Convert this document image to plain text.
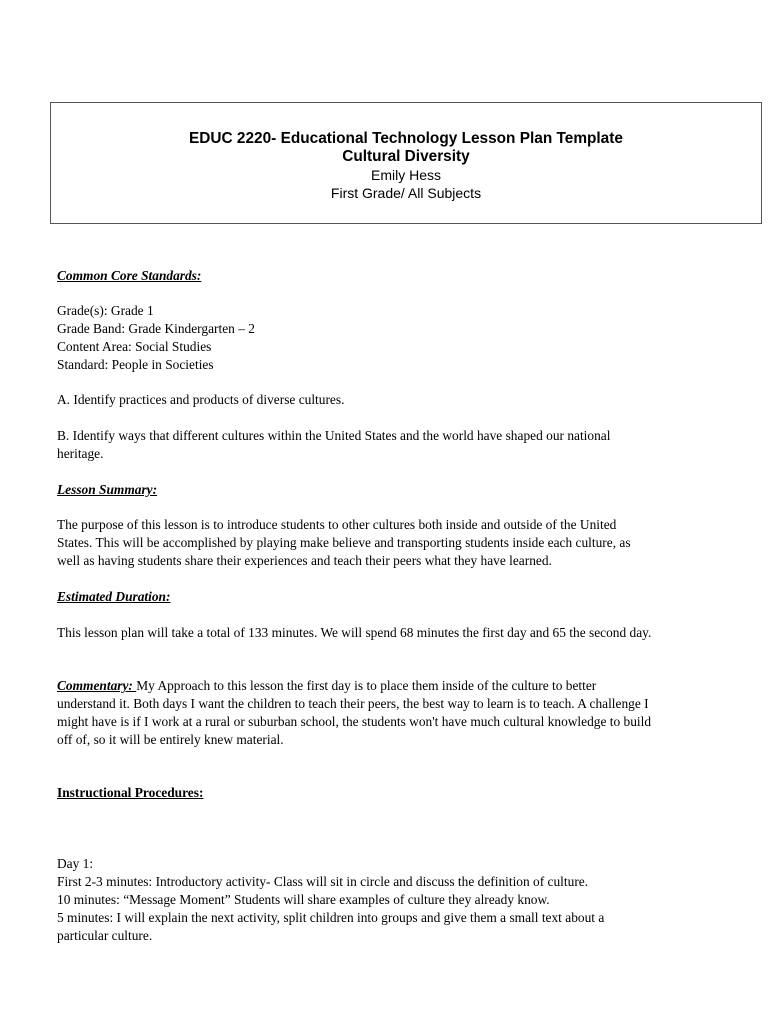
EDUC 2220- Educational Technology Lesson Plan Template
Cultural Diversity
Emily Hess
First Grade/ All Subjects

Common Core Standards:

Grade(s): Grade 1

Grade Band: Grade Kindergarten – 2

Content Area: Social Studies

Standard: People in Societies

A. Identify practices and products of diverse cultures.

B. Identify ways that different cultures within the United States and the world have shaped our national

heritage.

Lesson Summary:

The purpose of this lesson is to introduce students to other cultures both inside and outside of the United

States. This will be accomplished by playing make believe and transporting students inside each culture, as

well as having students share their experiences and teach their peers what they have learned.

Estimated Duration:

This lesson plan will take a total of 133 minutes. We will spend 68 minutes the first day and 65 the second day.

Commentary: My Approach to this lesson the first day is to place them inside of the culture to better

understand it. Both days I want the children to teach their peers, the best way to learn is to teach. A challenge I

might have is if I work at a rural or suburban school, the students won't have much cultural knowledge to build

off of, so it will be entirely knew material.

Instructional Procedures:

Day 1:

First 2-3 minutes: Introductory activity- Class will sit in circle and discuss the definition of culture.

10 minutes: “Message Moment” Students will share examples of culture they already know.

5 minutes: I will explain the next activity, split children into groups and give them a small text about a

particular culture.
